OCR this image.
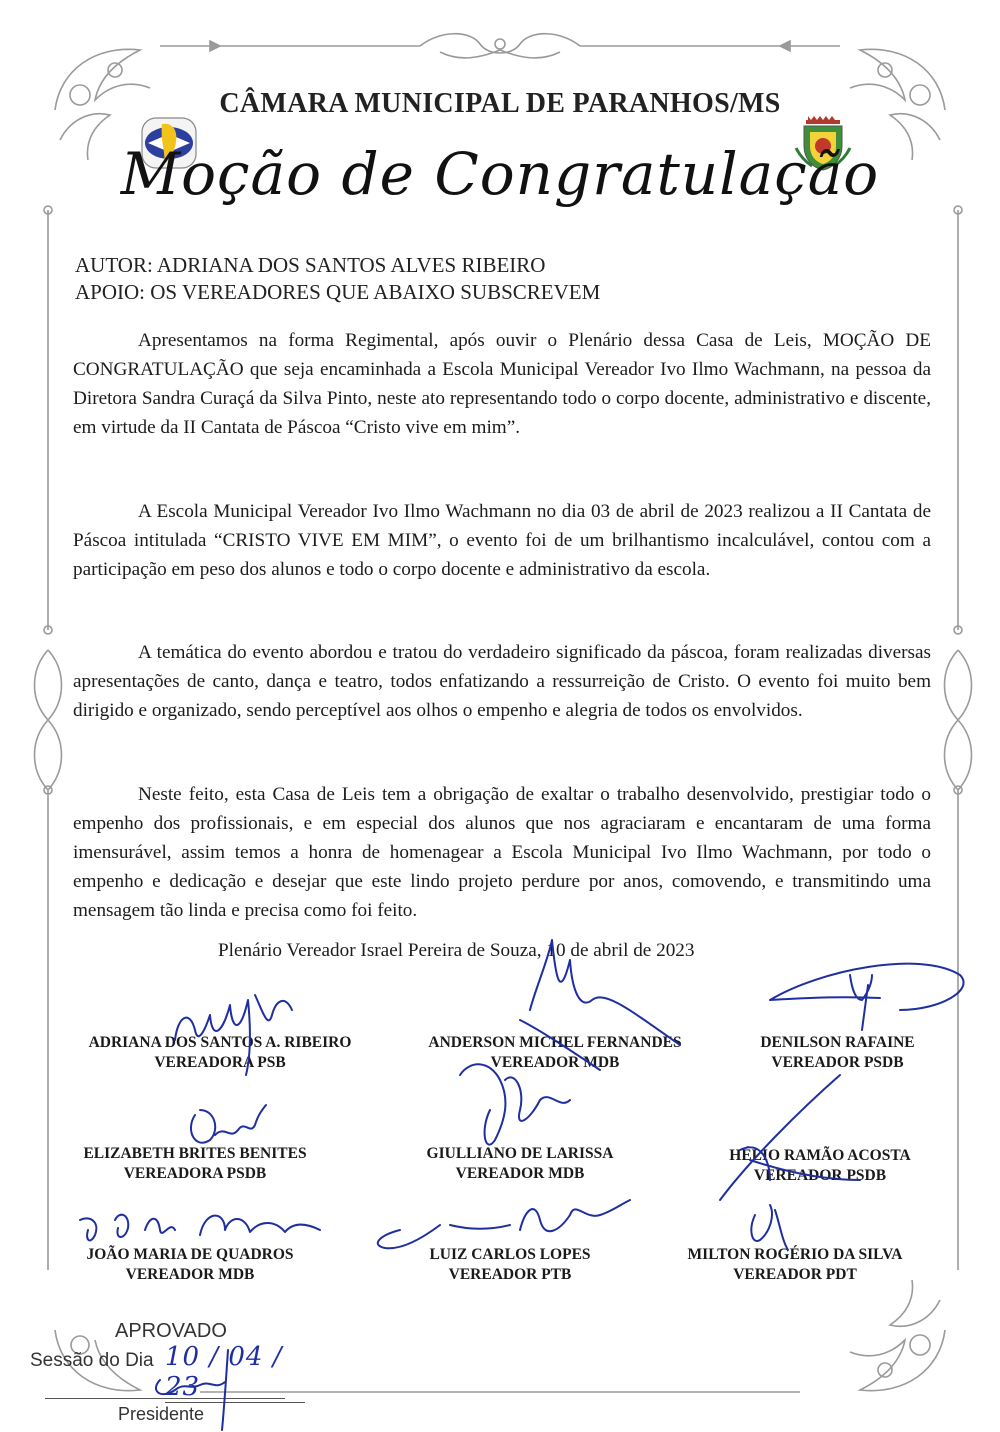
CÂMARA MUNICIPAL DE PARANHOS/MS
Moção de Congratulação
AUTOR: ADRIANA DOS SANTOS ALVES RIBEIRO
APOIO: OS VEREADORES QUE ABAIXO SUBSCREVEM

Apresentamos na forma Regimental, após ouvir o Plenário dessa Casa de Leis, MOÇÃO DE CONGRATULAÇÃO que seja encaminhada a Escola Municipal Vereador Ivo Ilmo Wachmann, na pessoa da Diretora Sandra Curaçá da Silva Pinto, neste ato representando todo o corpo docente, administrativo e discente, em virtude da II Cantata de Páscoa “Cristo vive em mim”.

A Escola Municipal Vereador Ivo Ilmo Wachmann no dia 03 de abril de 2023 realizou a II Cantata de Páscoa intitulada “CRISTO VIVE EM MIM”, o evento foi de um brilhantismo incalculável, contou com a participação em peso dos alunos e todo o corpo docente e administrativo da escola.

A temática do evento abordou e tratou do verdadeiro significado da páscoa, foram realizadas diversas apresentações de canto, dança e teatro, todos enfatizando a ressurreição de Cristo. O evento foi muito bem dirigido e organizado, sendo perceptível aos olhos o empenho e alegria de todos os envolvidos.

Neste feito, esta Casa de Leis tem a obrigação de exaltar o trabalho desenvolvido, prestigiar todo o empenho dos profissionais, e em especial dos alunos que nos agraciaram e encantaram de uma forma imensurável, assim temos a honra de homenagear a Escola Municipal Ivo Ilmo Wachmann, por todo o empenho e dedicação e desejar que este lindo projeto perdure por anos, comovendo, e transmitindo uma mensagem tão linda e precisa como foi feito.

Plenário Vereador Israel Pereira de Souza, 10 de abril de 2023
ADRIANA DOS SANTOS A. RIBEIRO
VEREADORA PSB
ANDERSON MICHEL FERNANDES
VEREADOR MDB
DENILSON RAFAINE
VEREADOR PSDB
ELIZABETH BRITES BENITES
VEREADORA PSDB
GIULLIANO DE LARISSA
VEREADOR MDB
HÉLIO RAMÃO ACOSTA
VEREADOR PSDB
JOÃO MARIA DE QUADROS
VEREADOR MDB
LUIZ CARLOS LOPES
VEREADOR PTB
MILTON ROGÉRIO DA SILVA
VEREADOR PDT
APROVADO
Sessão do Dia 10 / 04 / 23
Presidente
